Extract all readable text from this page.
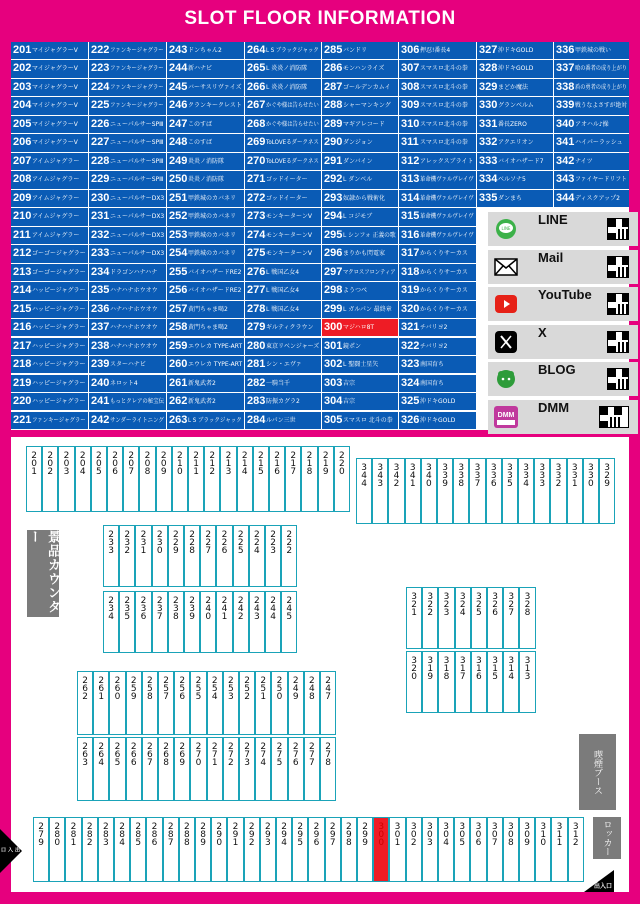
SLOT FLOOR INFORMATION
201 マイジャグラーV
202 マイジャグラーV
203 マイジャグラーV
204 マイジャグラーV
205 マイジャグラーV
206 マイジャグラーV
207 アイムジャグラー
208 アイムジャグラー
209 アイムジャグラー
210 アイムジャグラー
211 アイムジャグラー
212 ゴーゴージャグラー
213 ゴーゴージャグラー
214 ハッピージャグラー
215 ハッピージャグラー
216 ハッピージャグラー
217 ハッピージャグラー
218 ハッピージャグラー
219 ハッピージャグラー
220 ハッピージャグラー
221 ファンキージャグラー
222 ファンキージャグラー
223 ファンキージャグラー
224 ファンキージャグラー
225 ファンキージャグラー
226 ニューパルサーSPⅢ
227 ニューパルサーSPⅢ
228 ニューパルサーSPⅢ
229 ニューパルサーSPⅢ
230 ニューパルサーDX3
231 ニューパルサーDX3
232 ニューパルサーDX3
233 ニューパルサーDX3
234 ドラゴンハナハナ
235 ハナハナホウオウ
236 ハナハナホウオウ
237 ハナハナホウオウ
238 ハナハナホウオウ
239 スターハナビ
240 ネロット4
241 もっとクレアの秘宝伝
242 サンダーライトニング
243 ドンちゃん2
244 新ハナビ
245 バーサスリヴァイズ
246 クランキークレスト
247 このすば
248 このすば
249 炎炎ノ消防隊
250 炎炎ノ消防隊
251 甲鉄城のカバネリ
252 甲鉄城のカバネリ
253 甲鉄城のカバネリ
254 甲鉄城のカバネリ
255 バイオハザードRE2
256 バイオハザードRE2
257 黄門ちゃま喝2
258 黄門ちゃま喝2
259 エウレカ TYPE-ART
260 エウレカ TYPE-ART
261 新鬼武者2
262 新鬼武者2
263 L S ブラックジャック
264 L S ブラックジャック
265 L 炎炎ノ消防隊
266 L 炎炎ノ消防隊
267 かぐや様は告らせたい
268 かぐや様は告らせたい
269 ToLOVEるダークネス
270 ToLOVEるダークネス
271 ゴッドイーター
272 ゴッドイーター
273 モンキーターンV
274 モンキーターンV
275 モンキーターンV
276 L 戦国乙女4
277 L 戦国乙女4
278 L 戦国乙女4
279 ギルティクラウン
280 東京リベンジャーズ
281 シン・エヴァ
282 一騎当千
283 防振カグラ2
284 ルパン三世
285 バンドリ
286 モンハンライズ
287 ゴールデンカムイ
288 シャーマンキング
289 マギアレコード
290 ダンジョン
291 ダンバイン
292 L ダンベル
293 奴隷から戦術化
294 L コジモブ
295 L シンフォ 正義の歌
296 まりかも閃電家
297 マクロスフロンティア
298 ようつべ
299 L ガルパン 最終章
300 マジハロ8T
301 鏡ポン
302 L 聖闘士星矢
303 吉宗
304 吉宗
305 スマスロ 北斗の拳
306 押忍!番長4
307 スマスロ北斗の拳
308 スマスロ北斗の拳
309 スマスロ北斗の拳
310 スマスロ北斗の拳
311 スマスロ北斗の拳
312 アレックスブライト
313 革命機ヴァルヴレイヴ
314 革命機ヴァルヴレイヴ
315 革命機ヴァルヴレイヴ
316 革命機ヴァルヴレイヴ
317 からくりサーカス
318 からくりサーカス
319 からくりサーカス
320 からくりサーカス
321 チバリヨ2
322 チバリヨ2
323 南国育ち
324 南国育ち
325 沖ドキGOLD
326 沖ドキGOLD
327 沖ドキGOLD
328 沖ドキGOLD
329 まどか魔法
330 グランベルム
331 番長ZERO
332 アクエリオン
333 バイオハザード7
334 ベルソナ5
335 ダンまち
336 甲鉄城の戦い
337 喰の番者の成り上がり
338 盾の勇者の成り上がり
339 戦うなよさすが絶対
340 アオハル♪操
341 ハイパーラッシュ
342 ナイツ
343 ファイヤードリフト
344 ディスクアップ2
LINE
LINE
Mail
YouTube
X
BLOG
DMM
DMM
景品カウンター
喫煙ブース
ロッカー
出入口
出入口
201 202 203 204 205 206 207 208 209 210 211 212 213 214 215 216 217 218 219 220 344 343 342 341 340 339 338 337 336 335 334 333 332 331 330 329
233 232 231 230 229 228 227 226 225 224 223 222
234 235 236 237 238 239 240 241 242 243 244 245	321 322 323 324 325 326 327 328
320 319 318 317 316 315 314 313
262 261 260 259 258 257 256 255 254 253 252 251 250 249 248 247
263 264 265 266 267 268 269 270 271 272 273 274 275 276 277 278
279 280 281 282 283 284 285 286 287 288 289 290 291 292 293 294 295 296 297 298 299 300 301 302 303 304 305 306 307 308 309 310 311 312
